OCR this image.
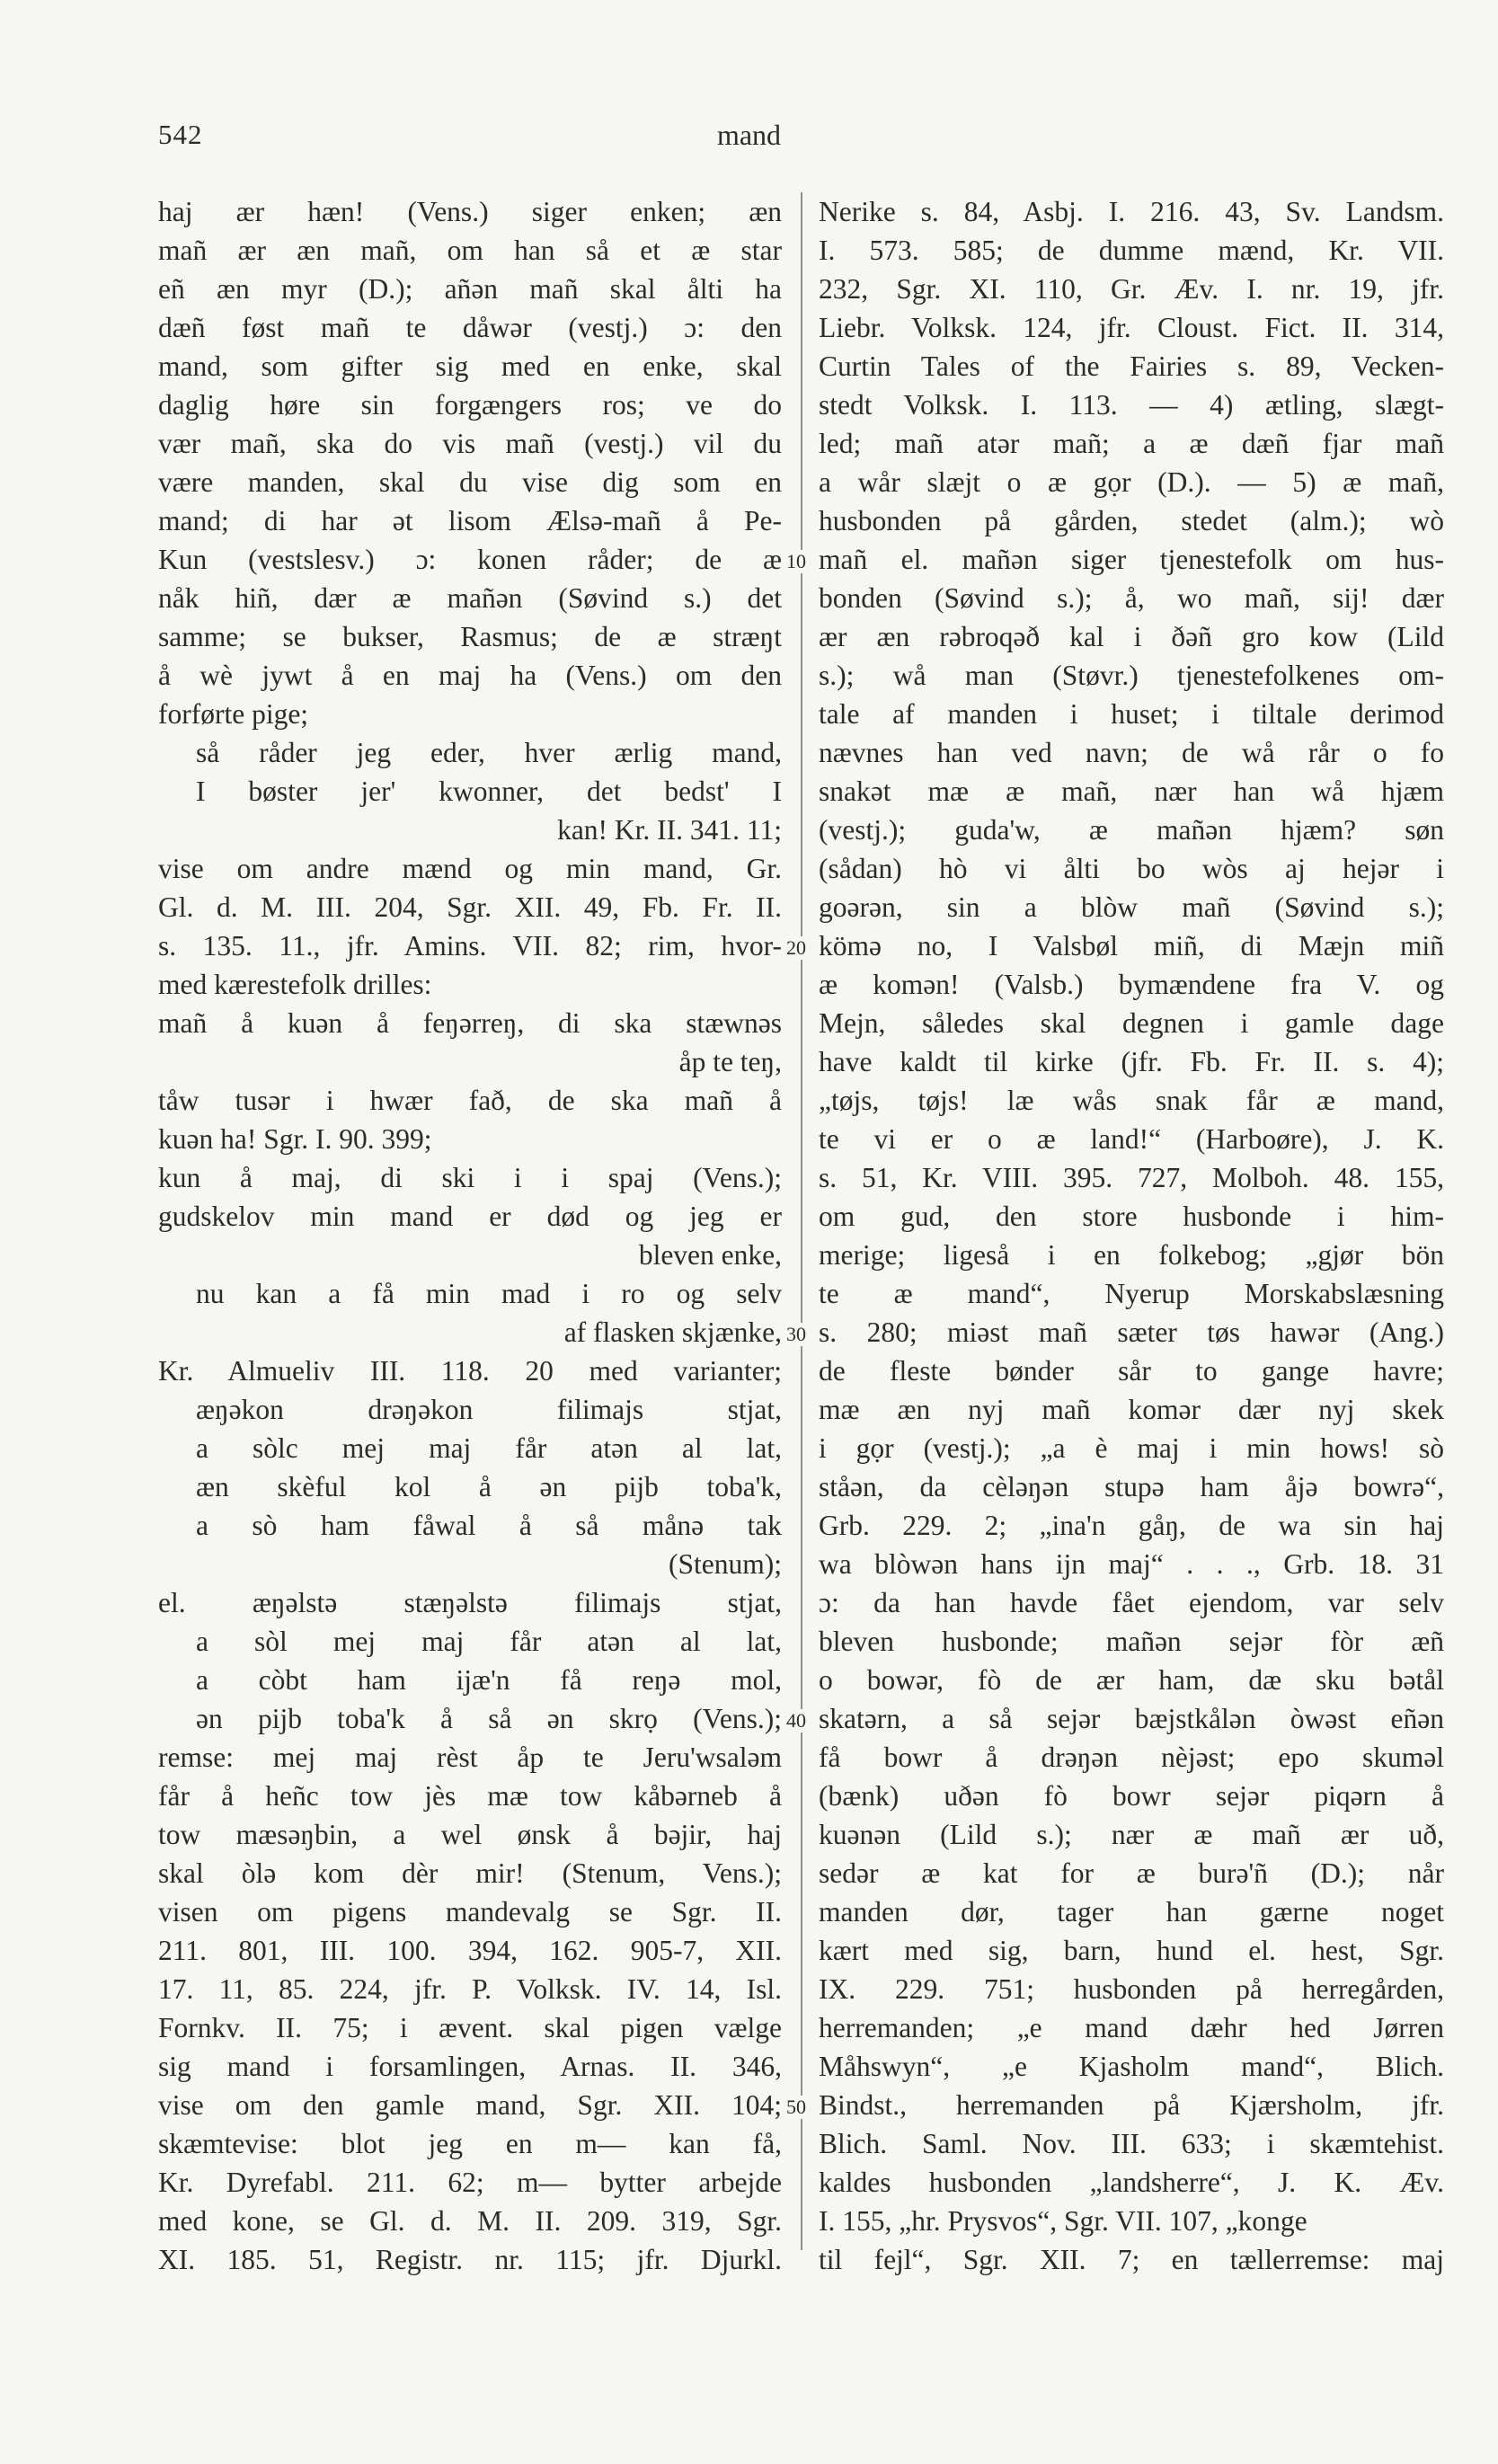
542	mand
10
20
30
40
50
haj ær hæn! (Vens.) siger enken; æn
mañ ær æn mañ, om han så et æ star
eñ æn myr (D.); añən mañ skal ålti ha
dæñ føst mañ te dåwər (vestj.) ɔ: den
mand, som gifter sig med en enke, skal
daglig høre sin forgængers ros; ve do
vær mañ, ska do vis mañ (vestj.) vil du
være manden, skal du vise dig som en
mand; di har ət lisom Ælsə-mañ å Pe-
Kun (vestslesv.) ɔ: konen råder; de æ
nåk hiñ, dær æ mañən (Søvind s.) det
samme; se bukser, Rasmus; de æ stræŋt
å wè jywt å en maj ha (Vens.) om den
forførte pige;
så råder jeg eder, hver ærlig mand,
I bøster jer' kwonner, det bedst' I
kan! Kr. II. 341. 11;
vise om andre mænd og min mand, Gr.
Gl. d. M. III. 204, Sgr. XII. 49, Fb. Fr. II.
s. 135. 11., jfr. Amins. VII. 82; rim, hvor-
med kærestefolk drilles:
mañ å kuən å feŋərreŋ, di ska stæwnəs
åp te teŋ,
tåw tusər i hwær fað, de ska mañ å
kuən ha! Sgr. I. 90. 399;
kun å maj, di ski i i spaj (Vens.);
gudskelov min mand er død og jeg er
bleven enke,
nu kan a få min mad i ro og selv
af flasken skjænke,
Kr. Almueliv III. 118. 20 med varianter;
æŋəkon drəŋəkon filimajs stjat,
a sòlc mej maj får atən al lat,
æn skèful kol å ən pijb toba'k,
a sò ham fåwal å så månə tak
(Stenum);
el. æŋəlstə stæŋəlstə filimajs stjat,
a sòl mej maj får atən al lat,
a còbt ham ijæ'n få reŋə mol,
ən pijb toba'k å så ən skrọ (Vens.);
remse: mej maj rèst åp te Jeru'wsaləm
får å heñc tow jès mæ tow kåbərneb å
tow mæsəŋbin, a wel ønsk å bəjir, haj
skal òlə kom dèr mir! (Stenum, Vens.);
visen om pigens mandevalg se Sgr. II.
211. 801, III. 100. 394, 162. 905-7, XII.
17. 11, 85. 224, jfr. P. Volksk. IV. 14, Isl.
Fornkv. II. 75; i ævent. skal pigen vælge
sig mand i forsamlingen, Arnas. II. 346,
vise om den gamle mand, Sgr. XII. 104;
skæmtevise: blot jeg en m— kan få,
Kr. Dyrefabl. 211. 62; m— bytter arbejde
med kone, se Gl. d. M. II. 209. 319, Sgr.
XI. 185. 51, Registr. nr. 115; jfr. Djurkl.
Nerike s. 84, Asbj. I. 216. 43, Sv. Landsm.
I. 573. 585; de dumme mænd, Kr. VII.
232, Sgr. XI. 110, Gr. Æv. I. nr. 19, jfr.
Liebr. Volksk. 124, jfr. Cloust. Fict. II. 314,
Curtin Tales of the Fairies s. 89, Vecken-
stedt Volksk. I. 113. — 4) ætling, slægt-
led; mañ atər mañ; a æ dæñ fjar mañ
a wår slæjt o æ gọr (D.). — 5) æ mañ,
husbonden på gården, stedet (alm.); wò
mañ el. mañən siger tjenestefolk om hus-
bonden (Søvind s.); å, wo mañ, sij! dær
ær æn rəbroqəð kal i ðəñ gro kow (Lild
s.); wå man (Støvr.) tjenestefolkenes om-
tale af manden i huset; i tiltale derimod
nævnes han ved navn; de wå rår o fo
snakət mæ æ mañ, nær han wå hjæm
(vestj.); guda'w, æ mañən hjæm? søn
(sådan) hò vi ålti bo wòs aj hejər i
goərən, sin a blòw mañ (Søvind s.);
kömə no, I Valsbøl miñ, di Mæjn miñ
æ komən! (Valsb.) bymændene fra V. og
Mejn, således skal degnen i gamle dage
have kaldt til kirke (jfr. Fb. Fr. II. s. 4);
„tøjs, tøjs! læ wås snak får æ mand,
te vi er o æ land!“ (Harboøre), J. K.
s. 51, Kr. VIII. 395. 727, Molboh. 48. 155,
om gud, den store husbonde i him-
merige; ligeså i en folkebog; „gjør bön
te æ mand“, Nyerup Morskabslæsning
s. 280; miəst mañ sæter tøs hawər (Ang.)
de fleste bønder sår to gange havre;
mæ æn nyj mañ komər dær nyj skek
i gọr (vestj.); „a è maj i min hows! sò
ståən, da cèləŋən stupə ham åjə bowrə“,
Grb. 229. 2; „ina'n gåŋ, de wa sin haj
wa blòwən hans ijn maj“ . . ., Grb. 18. 31
ɔ: da han havde fået ejendom, var selv
bleven husbonde; mañən sejər fòr æñ
o bowər, fò de ær ham, dæ sku bətål
skatərn, a så sejər bæjstkålən òwəst eñən
få bowr å drəŋən nèjəst; epo skuməl
(bænk) uðən fò bowr sejər piqərn å
kuənən (Lild s.); nær æ mañ ær uð,
sedər æ kat for æ burə'ñ (D.); når
manden dør, tager han gærne noget
kært med sig, barn, hund el. hest, Sgr.
IX. 229. 751; husbonden på herregården,
herremanden; „e mand dæhr hed Jørren
Måhswyn“, „e Kjasholm mand“, Blich.
Bindst., herremanden på Kjærsholm, jfr.
Blich. Saml. Nov. III. 633; i skæmtehist.
kaldes husbonden „landsherre“, J. K. Æv.
I. 155, „hr. Prysvos“, Sgr. VII. 107, „konge
til fejl“, Sgr. XII. 7; en tællerremse: maj
